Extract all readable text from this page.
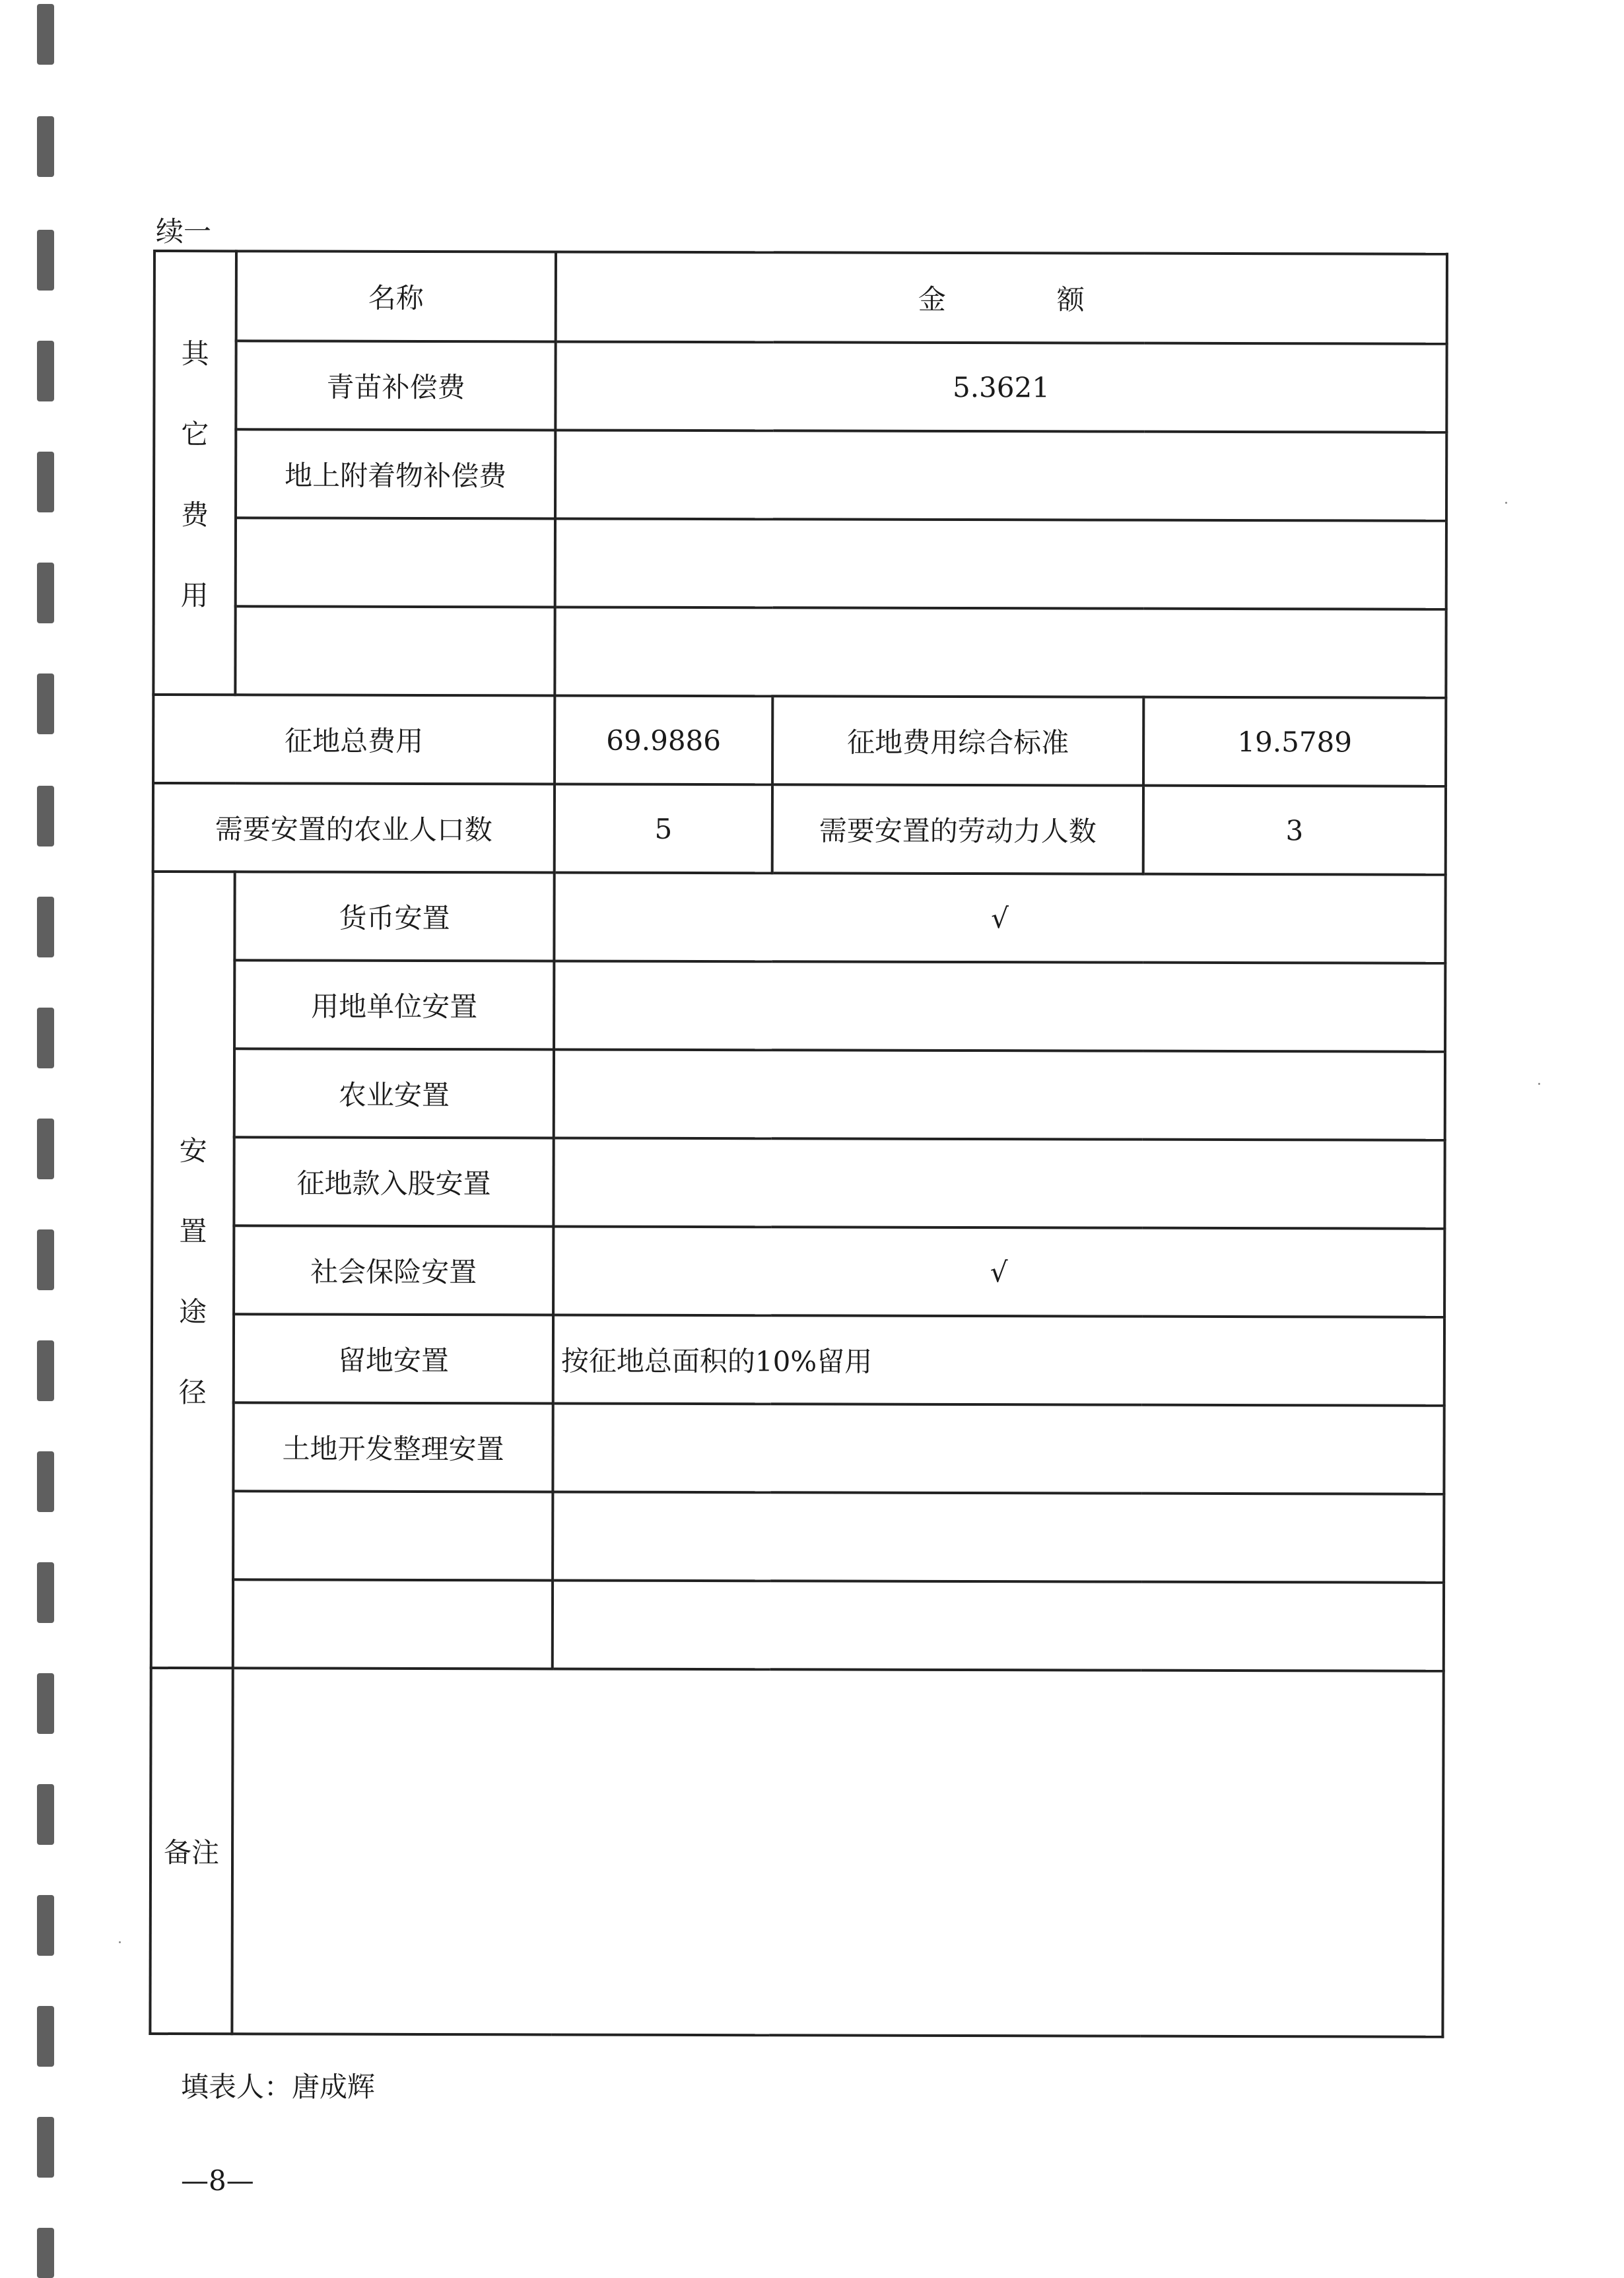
续一
其
它
费
用	名称	金　　　　额		
	青苗补偿费	5.3621		
	地上附着物补偿费			

征地总费用		69.9886	征地费用综合标准	19.5789
需要安置的农业人口数		5	需要安置的劳动力人数	3

安
置
途
径	货币安置	√		
	用地单位安置			
	农业安置			
	征地款入股安置			
	社会保险安置	√		
	留地安置	按征地总面积的10%留用		
	土地开发整理安置			

备注				
填表人：唐成辉
—8—
